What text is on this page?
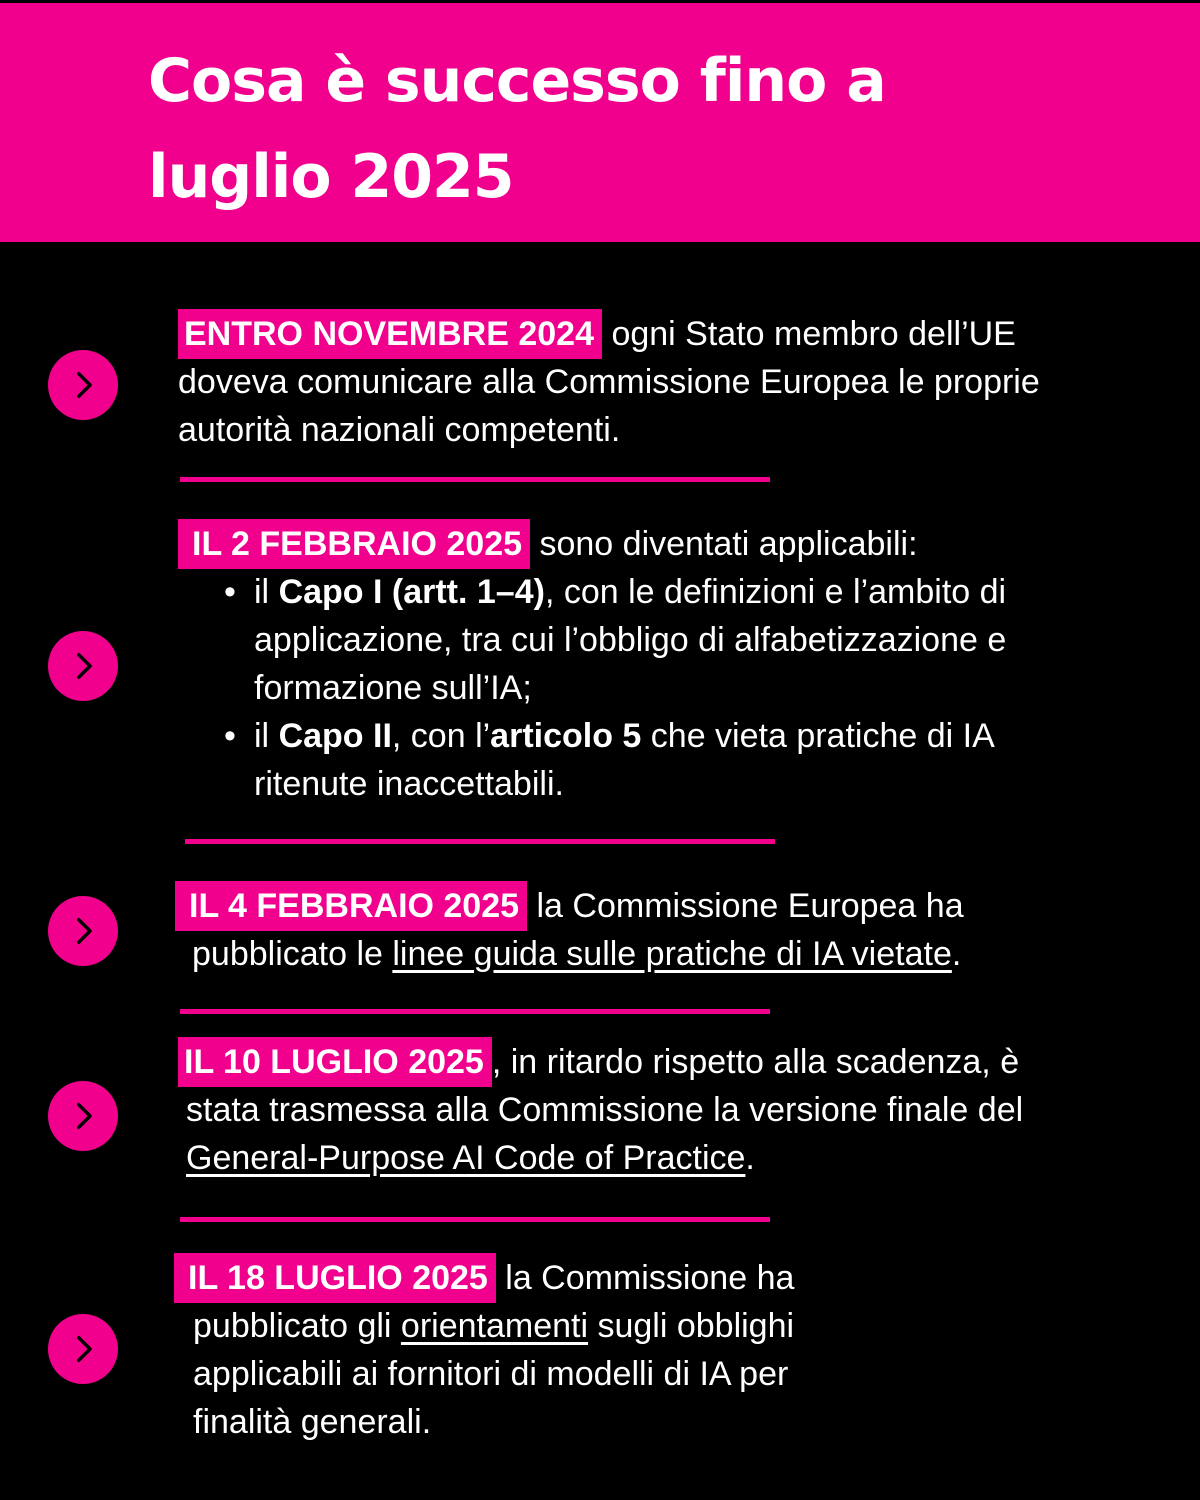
Cosa è successo fino a luglio 2025
ENTRO NOVEMBRE 2024 ogni Stato membro dell’UE doveva comunicare alla Commissione Europea le proprie autorità nazionali competenti.
IL 2 FEBBRAIO 2025 sono diventati applicabili:
• il Capo I (artt. 1–4), con le definizioni e l’ambito di applicazione, tra cui l’obbligo di alfabetizzazione e formazione sull’IA;
• il Capo II, con l’articolo 5 che vieta pratiche di IA ritenute inaccettabili.
IL 4 FEBBRAIO 2025 la Commissione Europea ha pubblicato le linee guida sulle pratiche di IA vietate.
IL 10 LUGLIO 2025 , in ritardo rispetto alla scadenza, è stata trasmessa alla Commissione la versione finale del General-Purpose AI Code of Practice.
IL 18 LUGLIO 2025 la Commissione ha pubblicato gli orientamenti sugli obblighi applicabili ai fornitori di modelli di IA per finalità generali.
